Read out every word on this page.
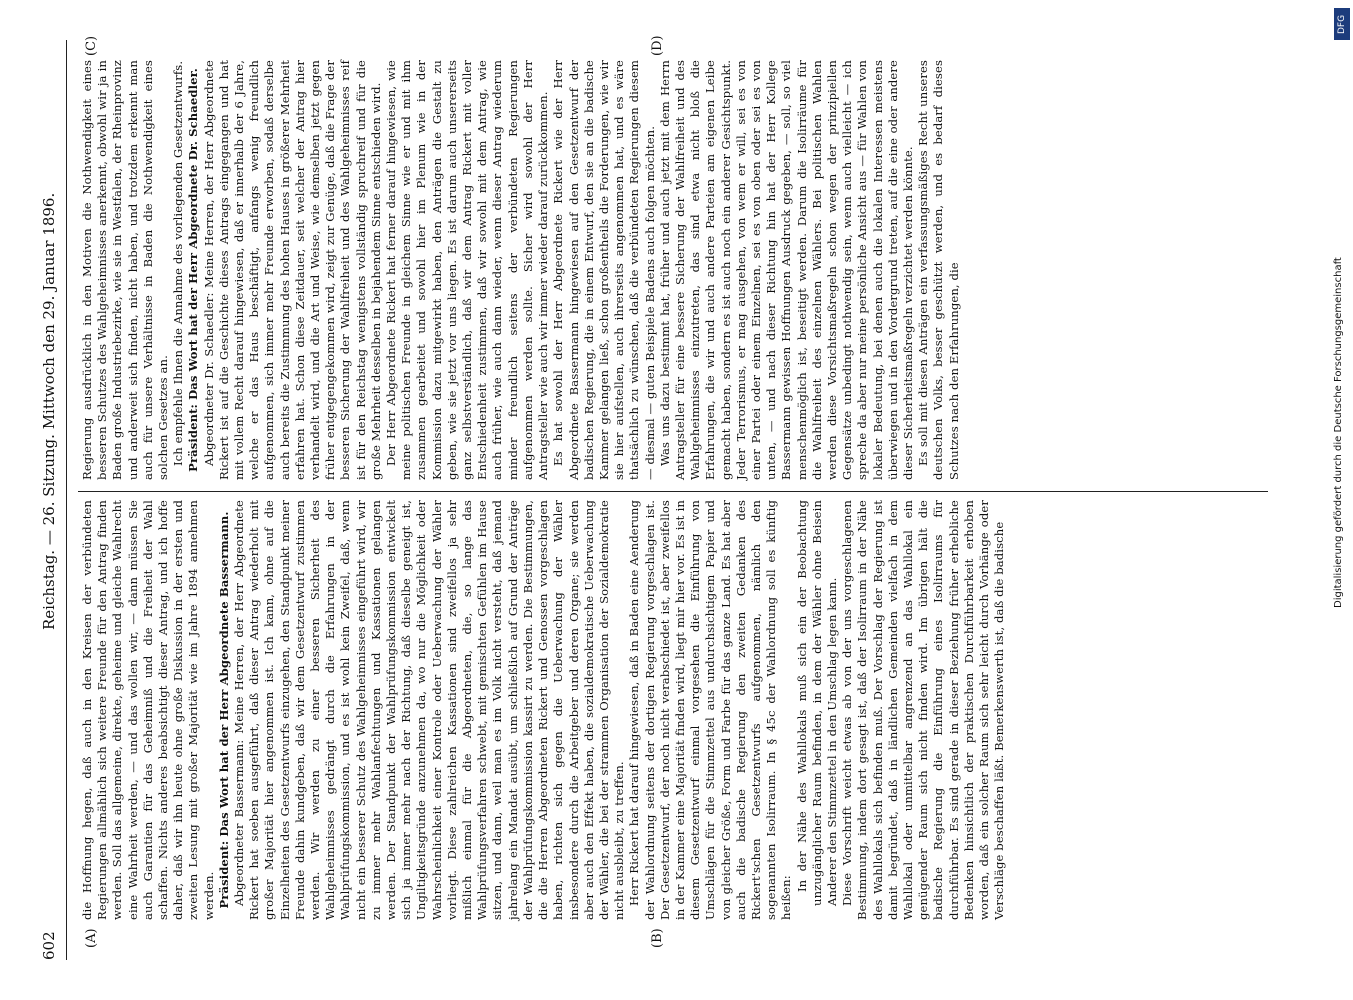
602
Reichstag. — 26. Sitzung. Mittwoch den 29. Januar 1896.
(A)	(B)
(C)	(D)

die Hoffnung hegen, daß auch in den Kreisen der verbündeten Regierungen allmählich sich weitere Freunde für den Antrag finden werden. Soll das allgemeine, direkte, geheime und gleiche Wahlrecht eine Wahrheit werden, — und das wollen wir, — dann müssen Sie auch Garantien für das Geheimniß und die Freiheit der Wahl schaffen. Nichts anderes beabsichtigt dieser Antrag, und ich hoffe daher, daß wir ihn heute ohne große Diskussion in der ersten und zweiten Lesung mit großer Majorität wie im Jahre 1894 annehmen werden. Präsident: Das Wort hat der Herr Abgeordnete Bassermann. Abgeordneter Bassermann: Meine Herren, der Herr Abgeordnete Rickert hat soeben ausgeführt, daß dieser Antrag wiederholt mit großer Majorität hier angenommen ist. Ich kann, ohne auf die Einzelheiten des Gesetzentwurfs einzugehen, den Standpunkt meiner Freunde dahin kundgeben, daß wir dem Gesetzentwurf zustimmen werden. Wir werden zu einer besseren Sicherheit des Wahlgeheimnisses gedrängt durch die Erfahrungen in der Wahlprüfungskommission, und es ist wohl kein Zweifel, daß, wenn nicht ein besserer Schutz des Wahlgeheimnisses eingeführt wird, wir zu immer mehr Wahlanfechtungen und Kassationen gelangen werden. Der Standpunkt der Wahlprüfungskommission entwickelt sich ja immer mehr nach der Richtung, daß dieselbe geneigt ist, Ungiltigkeitsgründe anzunehmen da, wo nur die Möglichkeit oder Wahrscheinlichkeit einer Kontrole oder Ueberwachung der Wähler vorliegt. Diese zahlreichen Kassationen sind zweifellos ja sehr mißlich einmal für die Abgeordneten, die, so lange das Wahlprüfungsverfahren schwebt, mit gemischten Gefühlen im Hause sitzen, und dann, weil man es im Volk nicht versteht, daß jemand jahrelang ein Mandat ausübt, um schließlich auf Grund der Anträge der Wahlprüfungskommission kassirt zu werden. Die Bestimmungen, die die Herren Abgeordneten Rickert und Genossen vorgeschlagen haben, richten sich gegen die Ueberwachung der Wähler insbesondere durch die Arbeitgeber und deren Organe; sie werden aber auch den Effekt haben, die sozialdemokratische Ueberwachung der Wähler, die bei der strammen Organisation der Sozialdemokratie nicht ausbleibt, zu treffen. Herr Rickert hat darauf hingewiesen, daß in Baden eine Aenderung der Wahlordnung seitens der dortigen Regierung vorgeschlagen ist. Der Gesetzentwurf, der noch nicht verabschiedet ist, aber zweifellos in der Kammer eine Majorität finden wird, liegt mir hier vor. Es ist in diesem Gesetzentwurf einmal vorgesehen die Einführung von Umschlägen für die Stimmzettel aus undurchsichtigem Papier und von gleicher Größe, Form und Farbe für das ganze Land. Es hat aber auch die badische Regierung den zweiten Gedanken des Rickert'schen Gesetzentwurfs aufgenommen, nämlich den sogenannten Isolirraum. In § 45c der Wahlordnung soll es künftig heißen:

In der Nähe des Wahllokals muß sich ein der Beobachtung unzugänglicher Raum befinden, in dem der Wähler ohne Beisein Anderer den Stimmzettel in den Umschlag legen kann. Diese Vorschrift weicht etwas ab von der uns vorgeschlagenen Bestimmung, indem dort gesagt ist, daß der Isolirraum in der Nähe des Wahllokals sich befinden muß. Der Vorschlag der Regierung ist damit begründet, daß in ländlichen Gemeinden vielfach in dem Wahllokal oder unmittelbar angrenzend an das Wahllokal ein genügender Raum sich nicht finden wird. Im übrigen hält die badische Regierung die Einführung eines Isolirraums für durchführbar. Es sind gerade in dieser Beziehung früher erhebliche Bedenken hinsichtlich der praktischen Durchführbarkeit erhoben worden, daß ein solcher Raum sich sehr leicht durch Vorhänge oder Verschläge beschaffen läßt. Bemerkenswerth ist, daß die badische

Regierung ausdrücklich in den Motiven die Nothwendigkeit eines besseren Schutzes des Wahlgeheimnisses anerkennt, obwohl wir ja in Baden große Industriebezirke, wie sie in Westfalen, der Rheinprovinz und anderweit sich finden, nicht haben, und trotzdem erkennt man auch für unsere Verhältnisse in Baden die Nothwendigkeit eines solchen Gesetzes an. Ich empfehle Ihnen die Annahme des vorliegenden Gesetzentwurfs. Präsident: Das Wort hat der Herr Abgeordnete Dr. Schaedler. Abgeordneter Dr. Schaedler: Meine Herren, der Herr Abgeordnete Rickert ist auf die Geschichte dieses Antrags eingegangen und hat mit vollem Recht darauf hingewiesen, daß er innerhalb der 6 Jahre, welche er das Haus beschäftigt, anfangs wenig freundlich aufgenommen, sich immer mehr Freunde erworben, sodaß derselbe auch bereits die Zustimmung des hohen Hauses in größerer Mehrheit erfahren hat. Schon diese Zeitdauer, seit welcher der Antrag hier verhandelt wird, und die Art und Weise, wie demselben jetzt gegen früher entgegengekommen wird, zeigt zur Genüge, daß die Frage der besseren Sicherung der Wahlfreiheit und des Wahlgeheimnisses reif ist für den Reichstag wenigstens vollständig spruchreif und für die große Mehrheit desselben in bejahendem Sinne entschieden wird. Der Herr Abgeordnete Rickert hat ferner darauf hingewiesen, wie meine politischen Freunde in gleichem Sinne wie er und mit ihm zusammen gearbeitet und sowohl hier im Plenum wie in der Kommission dazu mitgewirkt haben, den Anträgen die Gestalt zu geben, wie sie jetzt vor uns liegen. Es ist darum auch unsererseits ganz selbstverständlich, daß wir dem Antrag Rickert mit voller Entschiedenheit zustimmen, daß wir sowohl mit dem Antrag, wie auch früher, wie auch dann wieder, wenn dieser Antrag wiederum minder freundlich seitens der verbündeten Regierungen aufgenommen werden sollte. Sicher wird sowohl der Herr Antragsteller wie auch wir immer wieder darauf zurückkommen. Es hat sowohl der Herr Abgeordnete Rickert wie der Herr Abgeordnete Bassermann hingewiesen auf den Gesetzentwurf der badischen Regierung, die in einem Entwurf, den sie an die badische Kammer gelangen ließ, schon großentheils die Forderungen, wie wir sie hier aufstellen, auch ihrerseits angenommen hat, und es wäre thatsächlich zu wünschen, daß die verbündeten Regierungen diesem — diesmal — guten Beispiele Badens auch folgen möchten. Was uns dazu bestimmt hat, früher und auch jetzt mit dem Herrn Antragsteller für eine bessere Sicherung der Wahlfreiheit und des Wahlgeheimnisses einzutreten, das sind etwa nicht bloß die Erfahrungen, die wir und auch andere Parteien am eigenen Leibe gemacht haben, sondern es ist auch noch ein anderer Gesichtspunkt. Jeder Terrorismus, er mag ausgehen, von wem er will, sei es von einer Partei oder einem Einzelnen, sei es von oben oder sei es von unten, — und nach dieser Richtung hin hat der Herr Kollege Bassermann gewissen Hoffnungen Ausdruck gegeben, — soll, so viel menschenmöglich ist, beseitigt werden. Darum die Isolirräume für die Wahlfreiheit des einzelnen Wählers. Bei politischen Wahlen werden diese Vorsichtsmaßregeln schon wegen der prinzipiellen Gegensätze unbedingt nothwendig sein, wenn auch vielleicht — ich spreche da aber nur meine persönliche Ansicht aus — für Wahlen von lokaler Bedeutung, bei denen auch die lokalen Interessen meistens überwiegen und in den Vordergrund treten, auf die eine oder andere dieser Sicherheitsmaßregeln verzichtet werden könnte. Es soll mit diesen Anträgen ein verfassungsmäßiges Recht unseres deutschen Volks, besser geschützt werden, und es bedarf dieses Schutzes nach den Erfahrungen, die

DFG
Digitalisierung gefördert durch die Deutsche Forschungsgemeinschaft
